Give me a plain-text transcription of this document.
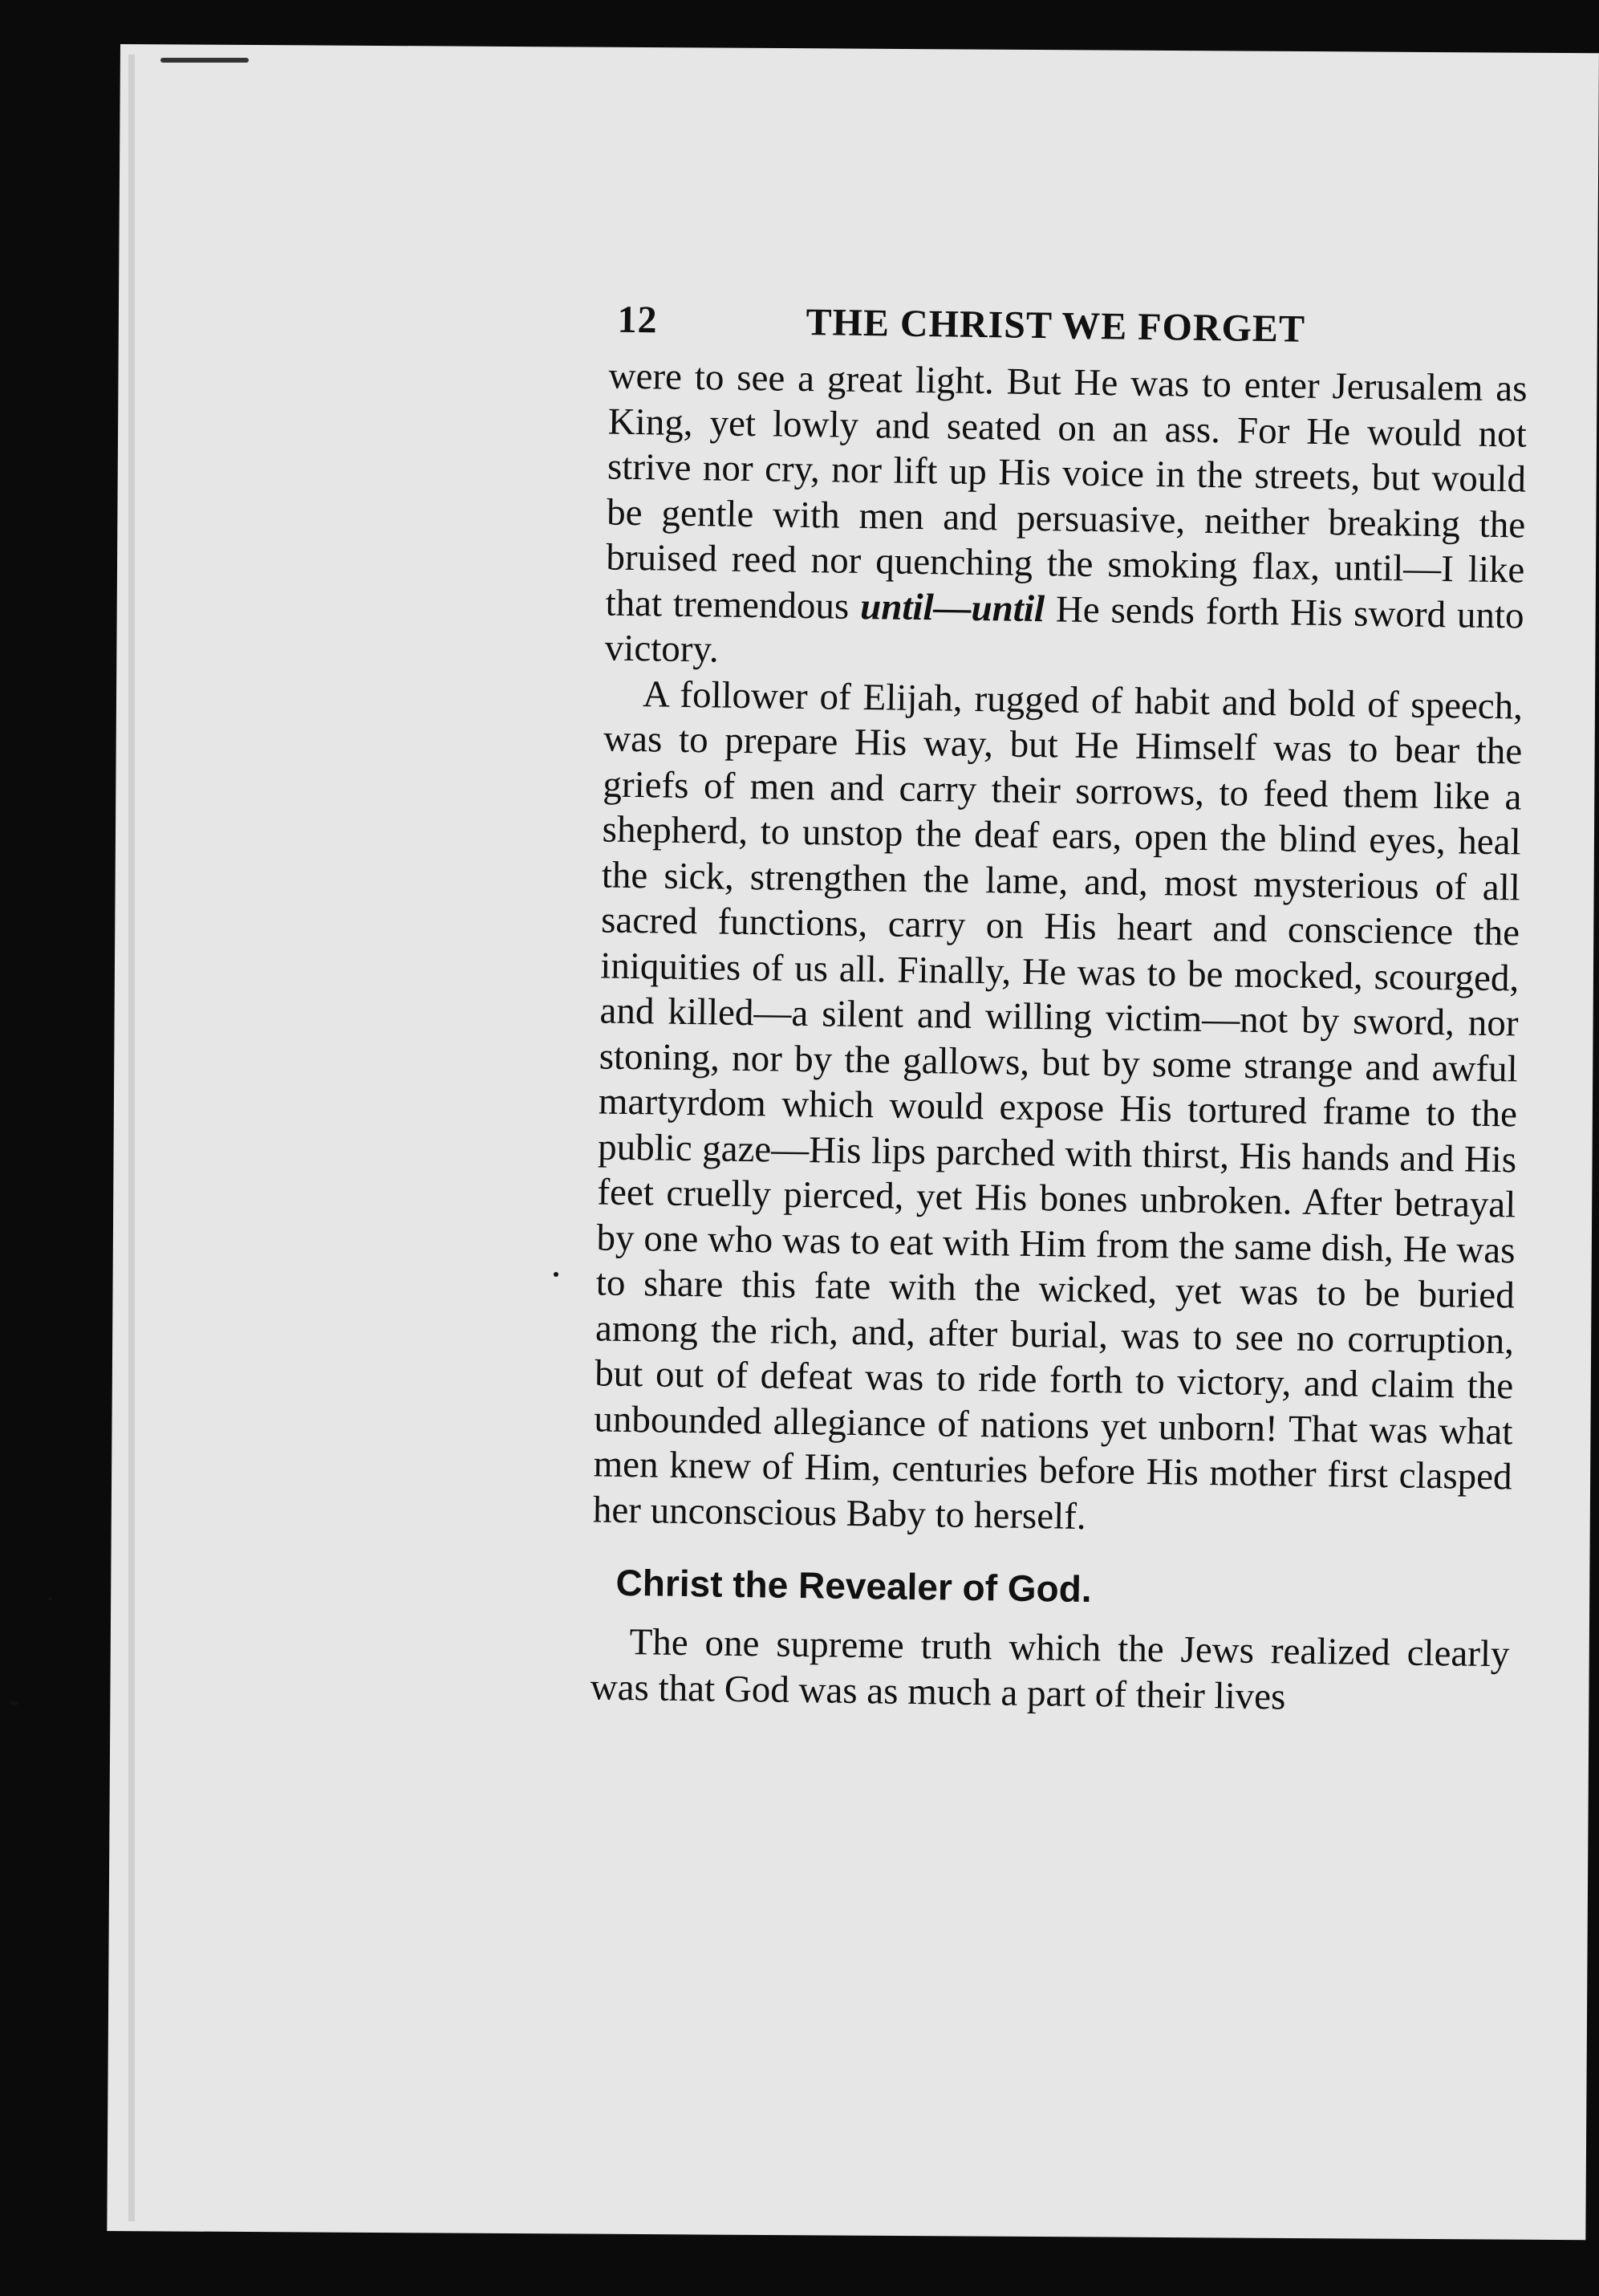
12	THE CHRIST WE FORGET

were to see a great light. But He was to enter Jerusalem as King, yet lowly and seated on an ass. For He would not strive nor cry, nor lift up His voice in the streets, but would be gentle with men and persuasive, neither breaking the bruised reed nor quenching the smoking flax, until—I like that tremendous until—until He sends forth His sword unto victory.

A follower of Elijah, rugged of habit and bold of speech, was to prepare His way, but He Himself was to bear the griefs of men and carry their sorrows, to feed them like a shepherd, to unstop the deaf ears, open the blind eyes, heal the sick, strengthen the lame, and, most mysterious of all sacred functions, carry on His heart and conscience the iniquities of us all. Finally, He was to be mocked, scourged, and killed—a silent and willing victim—not by sword, nor stoning, nor by the gallows, but by some strange and awful martyrdom which would expose His tortured frame to the public gaze—His lips parched with thirst, His hands and His feet cruelly pierced, yet His bones unbroken. After betrayal by one who was to eat with Him from the same dish, He was to share this fate with the wicked, yet was to be buried among the rich, and, after burial, was to see no corruption, but out of defeat was to ride forth to victory, and claim the unbounded allegiance of nations yet unborn! That was what men knew of Him, centuries before His mother first clasped her unconscious Baby to herself.

Christ the Revealer of God.

The one supreme truth which the Jews realized clearly was that God was as much a part of their lives
